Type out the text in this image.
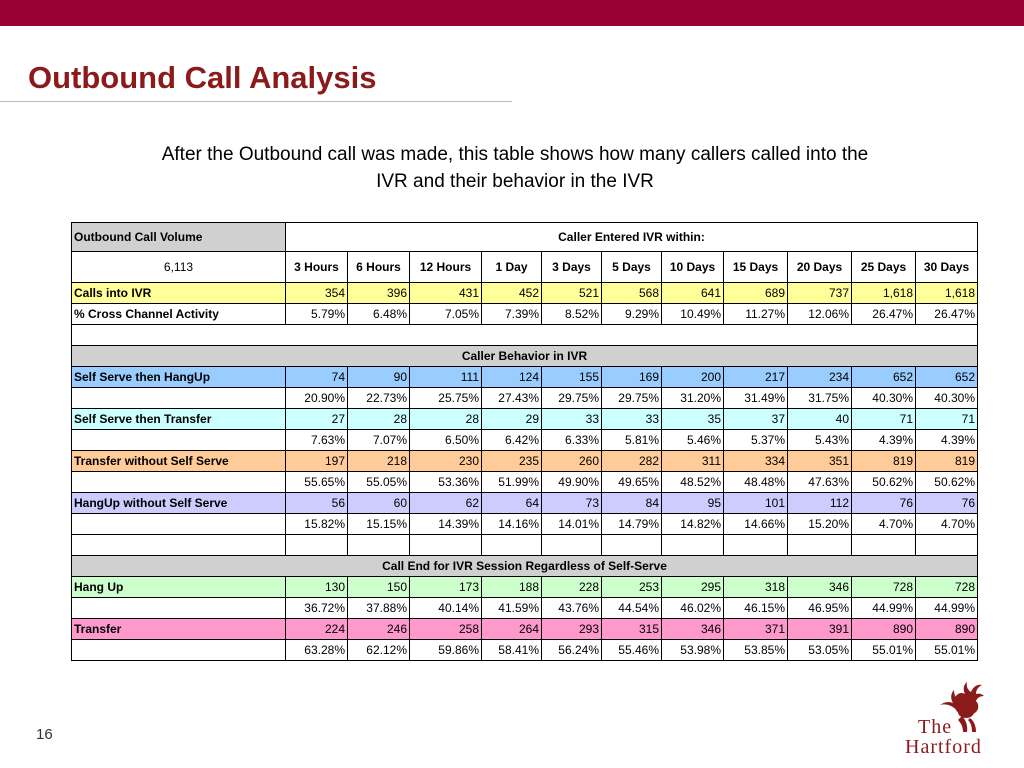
Outbound Call Analysis
After the Outbound call was made, this table shows how many callers called into the
IVR and their behavior in the IVR
Outbound Call Volume	Caller Entered IVR within:										
6,113	3 Hours	6 Hours	12 Hours	1 Day	3 Days	5 Days	10 Days	15 Days	20 Days	25 Days	30 Days
Calls into IVR	354	396	431	452	521	568	641	689	737	1,618	1,618
% Cross Channel Activity	5.79%	6.48%	7.05%	7.39%	8.52%	9.29%	10.49%	11.27%	12.06%	26.47%	26.47%

Caller Behavior in IVR											
Self Serve then HangUp	74	90	111	124	155	169	200	217	234	652	652
	20.90%	22.73%	25.75%	27.43%	29.75%	29.75%	31.20%	31.49%	31.75%	40.30%	40.30%
Self Serve then Transfer	27	28	28	29	33	33	35	37	40	71	71
	7.63%	7.07%	6.50%	6.42%	6.33%	5.81%	5.46%	5.37%	5.43%	4.39%	4.39%
Transfer without Self Serve	197	218	230	235	260	282	311	334	351	819	819
	55.65%	55.05%	53.36%	51.99%	49.90%	49.65%	48.52%	48.48%	47.63%	50.62%	50.62%
HangUp without Self Serve	56	60	62	64	73	84	95	101	112	76	76
	15.82%	15.15%	14.39%	14.16%	14.01%	14.79%	14.82%	14.66%	15.20%	4.70%	4.70%

Call End for IVR Session Regardless of Self-Serve											
Hang Up	130	150	173	188	228	253	295	318	346	728	728
	36.72%	37.88%	40.14%	41.59%	43.76%	44.54%	46.02%	46.15%	46.95%	44.99%	44.99%
Transfer	224	246	258	264	293	315	346	371	391	890	890
	63.28%	62.12%	59.86%	58.41%	56.24%	55.46%	53.98%	53.85%	53.05%	55.01%	55.01%
16	The
Hartford
